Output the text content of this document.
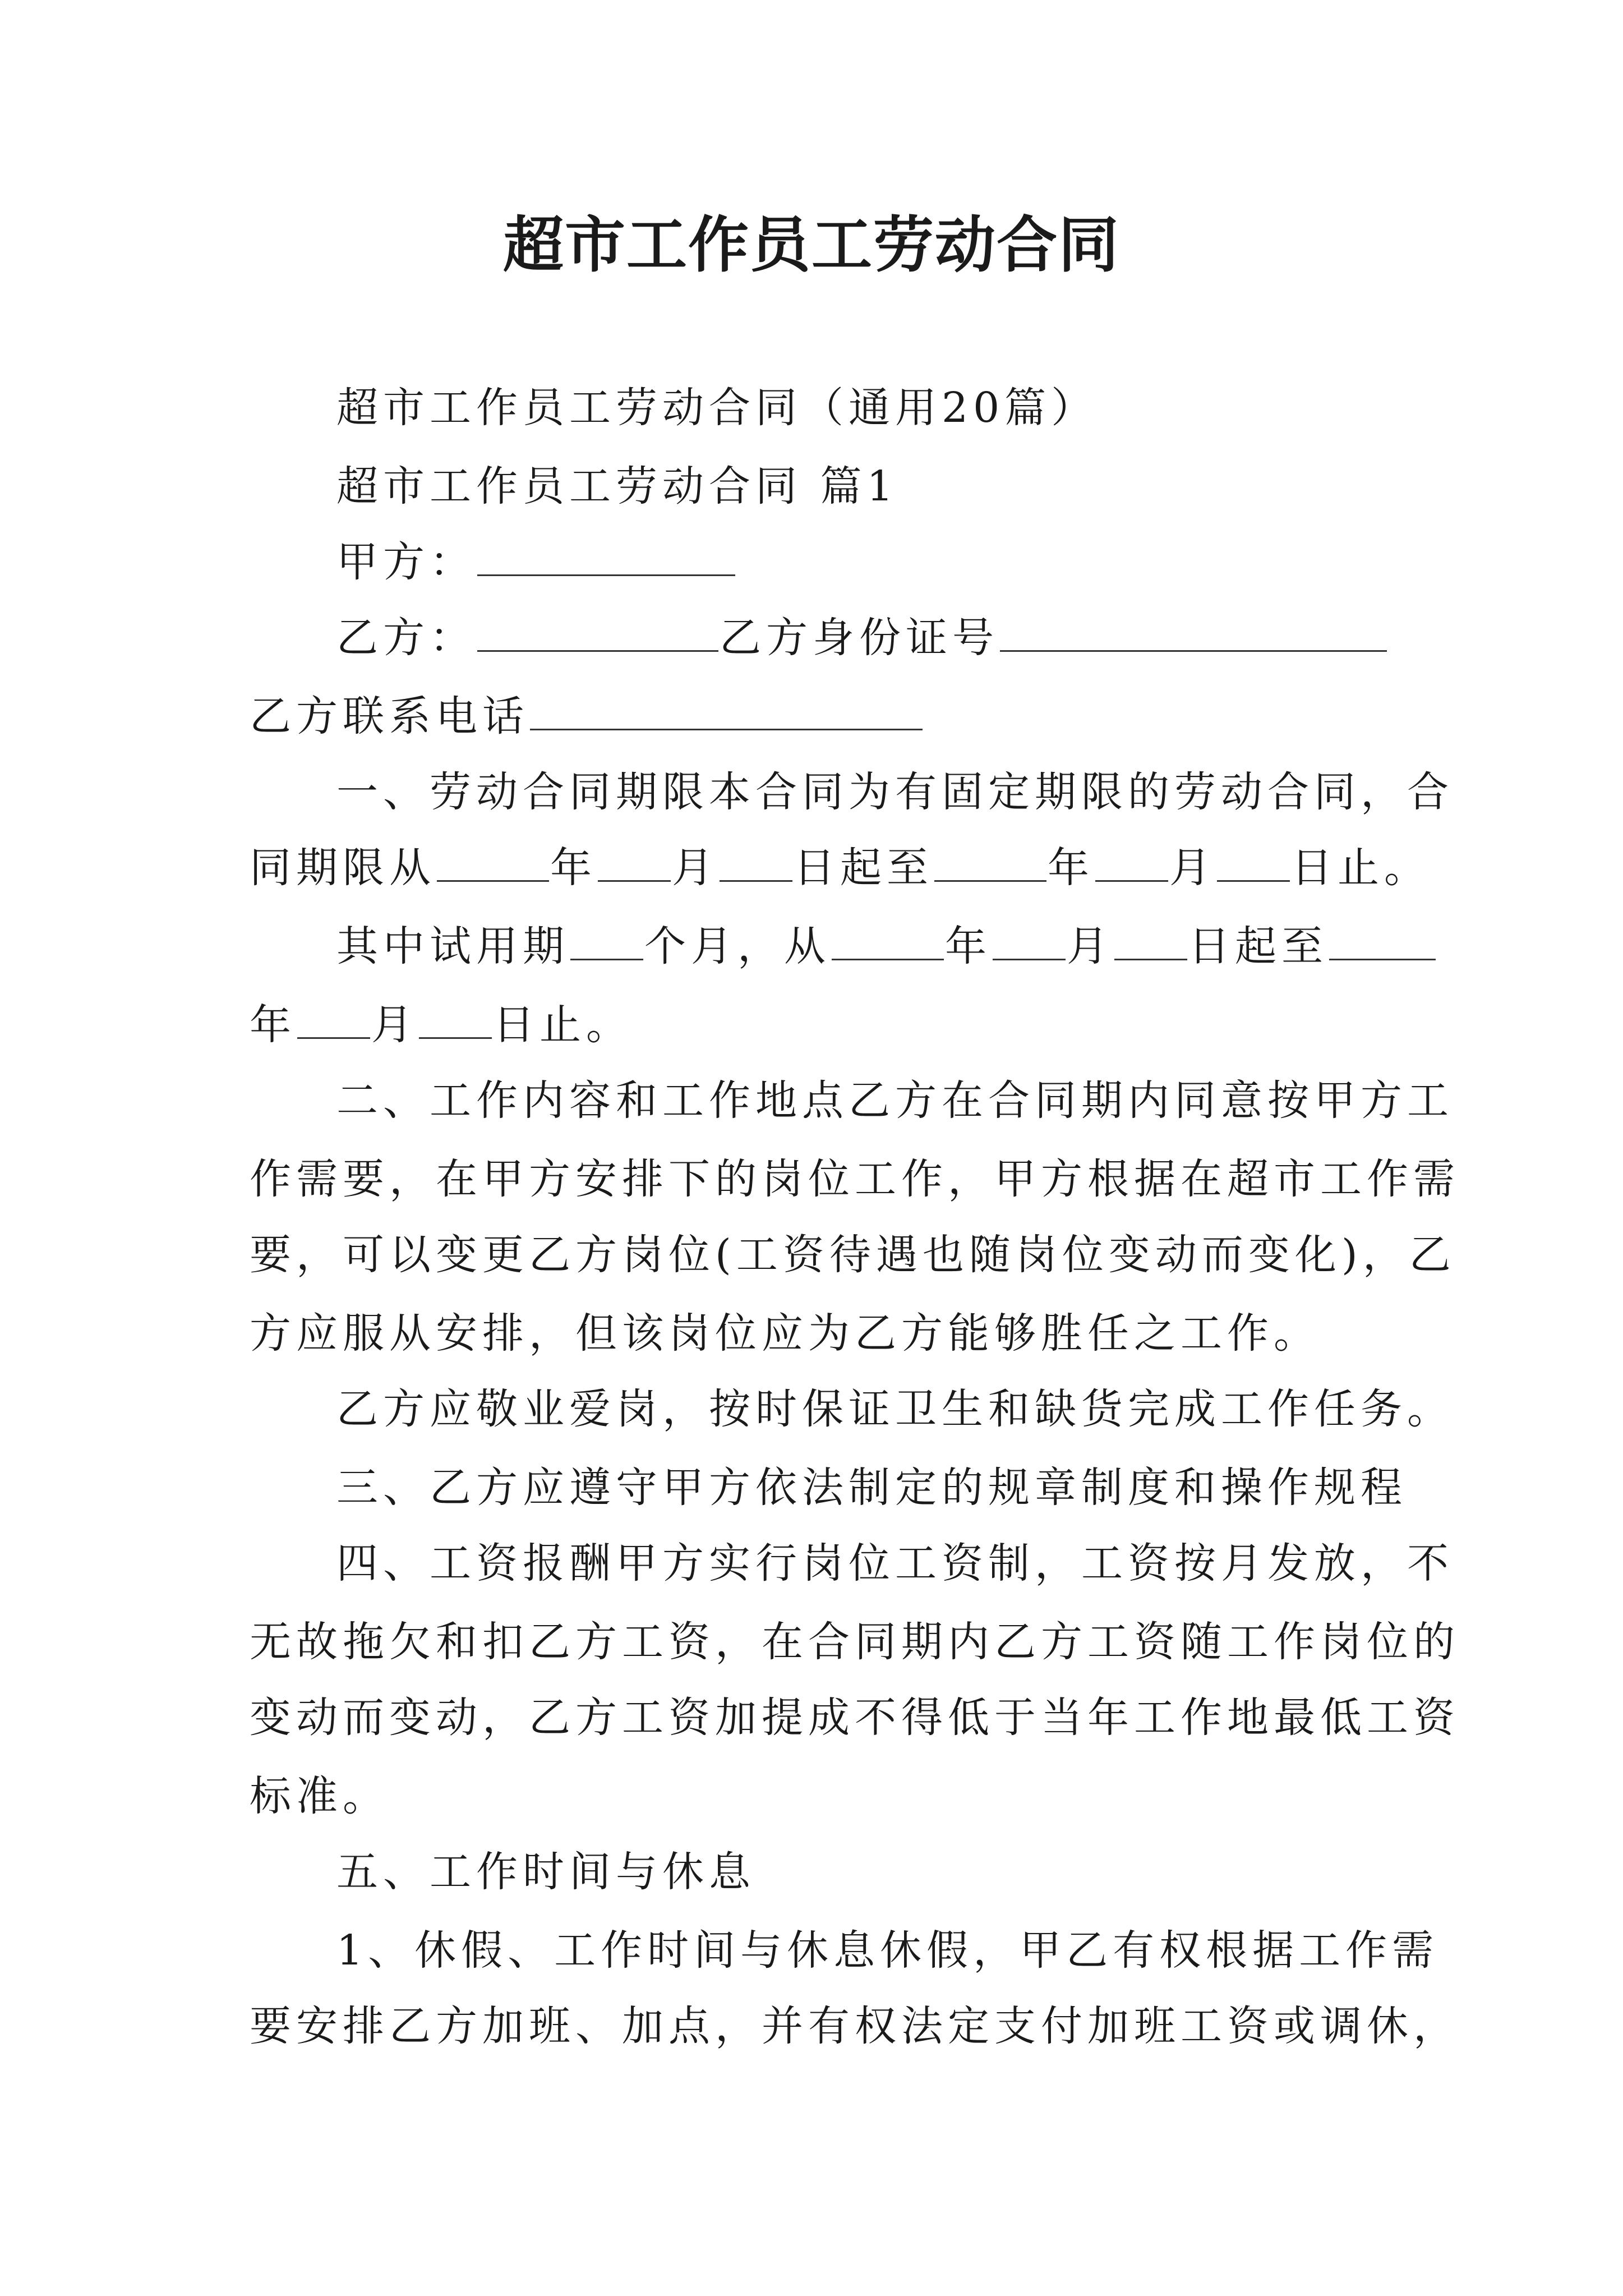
超市工作员工劳动合同
超市工作员工劳动合同（通用20篇）
超市工作员工劳动合同 篇1
甲方：
乙方：	乙方身份证号
乙方联系电话
一、劳动合同期限本合同为有固定期限的劳动合同，合
同期限从	年 月 日起至	年 月 日止。
其中试用期 个月，从	年 月 日起至
年 月 日止。
二、工作内容和工作地点乙方在合同期内同意按甲方工
作需要，在甲方安排下的岗位工作，甲方根据在超市工作需
要，可以变更乙方岗位(工资待遇也随岗位变动而变化)，乙
方应服从安排，但该岗位应为乙方能够胜任之工作。
乙方应敬业爱岗，按时保证卫生和缺货完成工作任务。
三、乙方应遵守甲方依法制定的规章制度和操作规程
四、工资报酬甲方实行岗位工资制，工资按月发放，不
无故拖欠和扣乙方工资，在合同期内乙方工资随工作岗位的
变动而变动，乙方工资加提成不得低于当年工作地最低工资
标准。
五、工作时间与休息
1、休假、工作时间与休息休假，甲乙有权根据工作需
要安排乙方加班、加点，并有权法定支付加班工资或调休，
